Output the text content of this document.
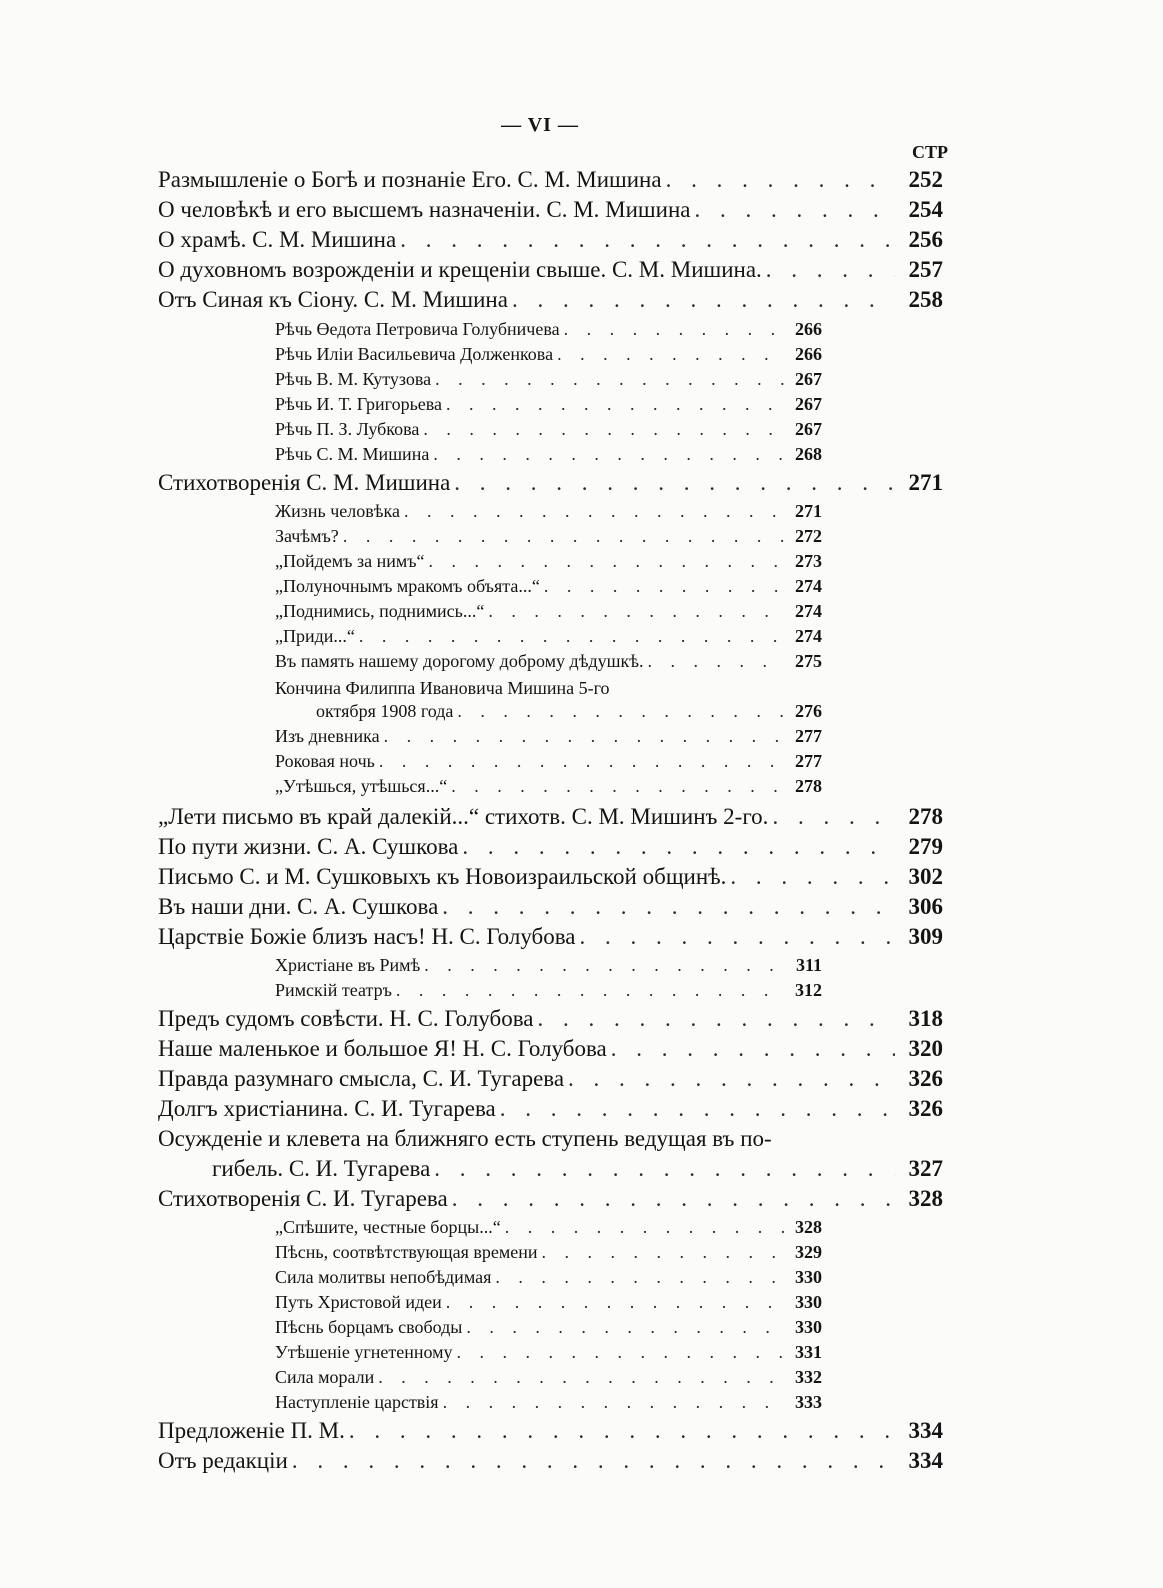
— VI —
СТР
Размышленіе о Богѣ и познаніе Его. С. М. Мишина . . .	252
О человѣкѣ и его высшемъ назначеніи. С. М. Мишина . . .	254
О храмѣ. С. М. Мишина . . .	256
О духовномъ возрожденіи и крещеніи свыше. С. М. Мишина. . . .	257
Отъ Синая къ Сіону. С. М. Мишина . . .	258
Рѣчь Өедота Петровича Голубничева . . .	266
Рѣчь Иліи Васильевича Долженкова . . .	266
Рѣчь В. М. Кутузова . . .	267
Рѣчь И. Т. Григорьева . . .	267
Рѣчь П. З. Лубкова . . .	267
Рѣчь С. М. Мишина . . .	268
Стихотворенія С. М. Мишина . . .	271
Жизнь человѣка . . .	271
Зачѣмъ? . . .	272
„Пойдемъ за нимъ“ . . .	273
„Полуночнымъ мракомъ объята...“ . . .	274
„Поднимись, поднимись...“ . . .	274
„Приди...“ . . .	274
Въ память нашему дорогому доброму дѣдушкѣ. . . .	275
Кончина Филиппа Ивановича Мишина 5-го
октября 1908 года . . .	276
Изъ дневника . . .	277
Роковая ночь . . .	277
„Утѣшься, утѣшься...“ . . .	278
„Лети письмо въ край далекій...“ стихотв. С. М. Мишинъ 2-го. . . .	278
По пути жизни. С. А. Сушкова . . .	279
Письмо С. и М. Сушковыхъ къ Новоизраильской общинѣ. . . .	302
Въ наши дни. С. А. Сушкова . . .	306
Царствіе Божіе близъ насъ! Н. С. Голубова . . .	309
Христіане въ Римѣ . . .	311
Римскій театръ . . .	312
Предъ судомъ совѣсти. Н. С. Голубова . . .	318
Наше маленькое и большое Я! Н. С. Голубова . . .	320
Правда разумнаго смысла, С. И. Тугарева . . .	326
Долгъ христіанина. С. И. Тугарева . . .	326
Осужденіе и клевета на ближняго есть ступень ведущая въ по-
гибель. С. И. Тугарева . . .	327
Стихотворенія С. И. Тугарева . . .	328
„Спѣшите, честные борцы...“ . . .	328
Пѣснь, соотвѣтствующая времени . . .	329
Сила молитвы непобѣдимая . . .	330
Путь Христовой идеи . . .	330
Пѣснь борцамъ свободы . . .	330
Утѣшеніе угнетенному . . .	331
Сила морали . . .	332
Наступленіе царствія . . .	333
Предложеніе П. М. . . .	334
Отъ редакціи . . .	334
